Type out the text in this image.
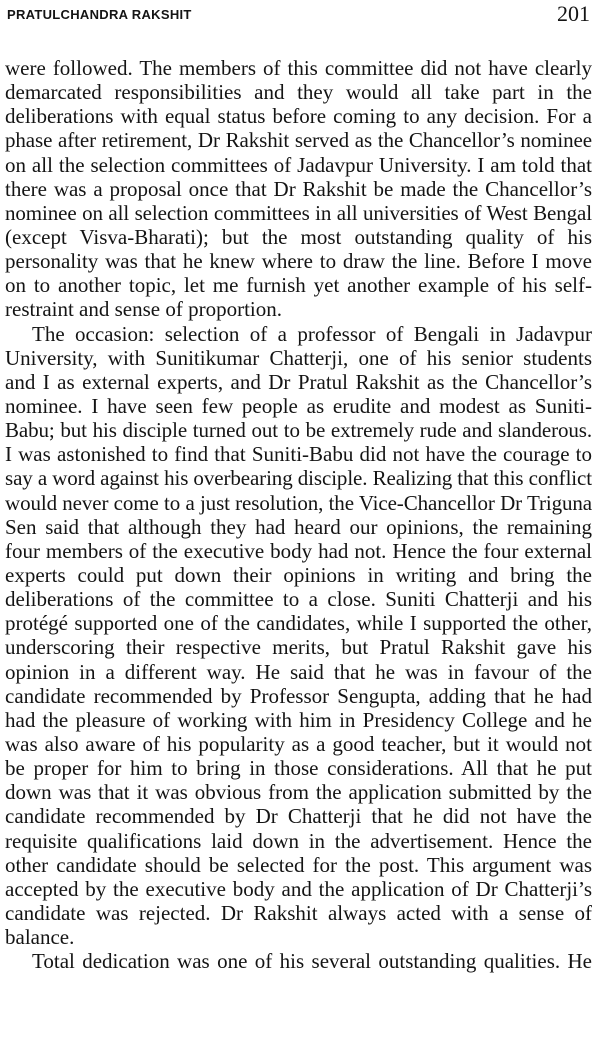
PRATULCHANDRA RAKSHIT	201
were followed. The members of this committee did not have clearly
demarcated responsibilities and they would all take part in the
deliberations with equal status before coming to any decision. For a
phase after retirement, Dr Rakshit served as the Chancellor’s nominee
on all the selection committees of Jadavpur University. I am told that
there was a proposal once that Dr Rakshit be made the Chancellor’s
nominee on all selection committees in all universities of West Bengal
(except Visva-Bharati); but the most outstanding quality of his
personality was that he knew where to draw the line. Before I move
on to another topic, let me furnish yet another example of his self-
restraint and sense of proportion.
The occasion: selection of a professor of Bengali in Jadavpur
University, with Sunitikumar Chatterji, one of his senior students
and I as external experts, and Dr Pratul Rakshit as the Chancellor’s
nominee. I have seen few people as erudite and modest as Suniti-
Babu; but his disciple turned out to be extremely rude and slanderous.
I was astonished to find that Suniti-Babu did not have the courage to
say a word against his overbearing disciple. Realizing that this conflict
would never come to a just resolution, the Vice-Chancellor Dr Triguna
Sen said that although they had heard our opinions, the remaining
four members of the executive body had not. Hence the four external
experts could put down their opinions in writing and bring the
deliberations of the committee to a close. Suniti Chatterji and his
protégé supported one of the candidates, while I supported the other,
underscoring their respective merits, but Pratul Rakshit gave his
opinion in a different way. He said that he was in favour of the
candidate recommended by Professor Sengupta, adding that he had
had the pleasure of working with him in Presidency College and he
was also aware of his popularity as a good teacher, but it would not
be proper for him to bring in those considerations. All that he put
down was that it was obvious from the application submitted by the
candidate recommended by Dr Chatterji that he did not have the
requisite qualifications laid down in the advertisement. Hence the
other candidate should be selected for the post. This argument was
accepted by the executive body and the application of Dr Chatterji’s
candidate was rejected. Dr Rakshit always acted with a sense of
balance.
Total dedication was one of his several outstanding qualities. He
